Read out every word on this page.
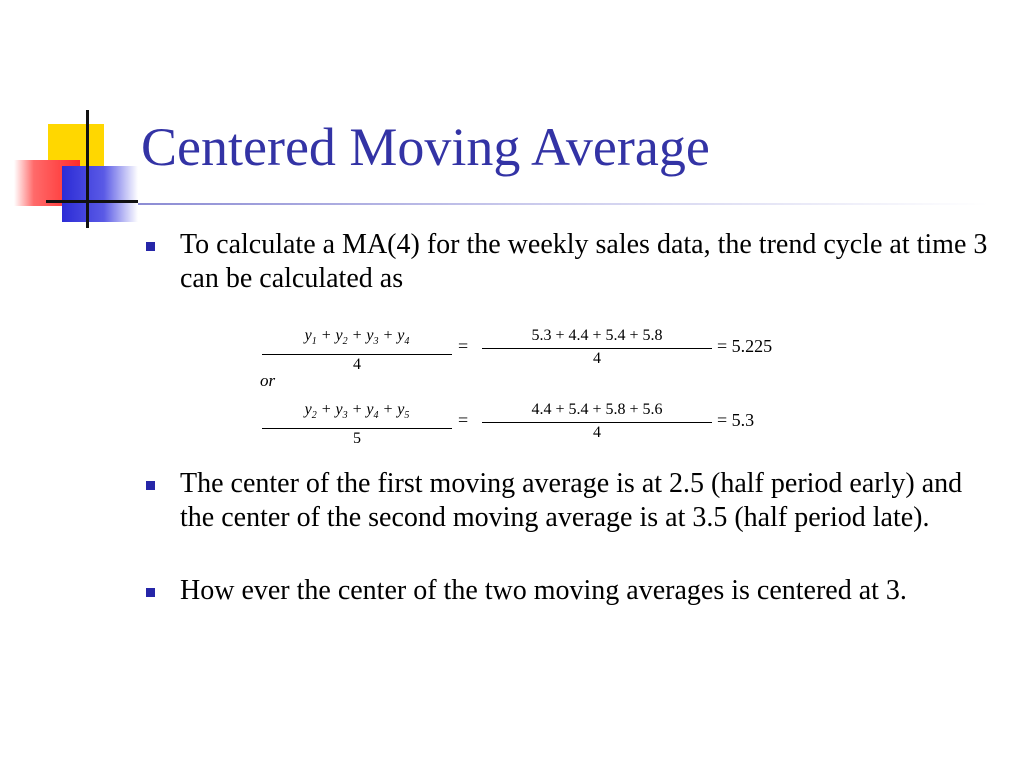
Centered Moving Average
To calculate a MA(4) for the weekly sales data, the trend cycle at time 3 can be calculated as
$y_1 + y_2 + y_3 + y_4$
4
=
5.3 + 4.4 + 5.4 + 5.8
4
= 5.225
or
$y_2 + y_3 + y_4 + y_5$
5
=
4.4 + 5.4 + 5.8 + 5.6
4
= 5.3
The center of the first moving average is at 2.5 (half period early) and the center of the second moving average is at 3.5 (half period late).
How ever the center of the two moving averages is centered at 3.
